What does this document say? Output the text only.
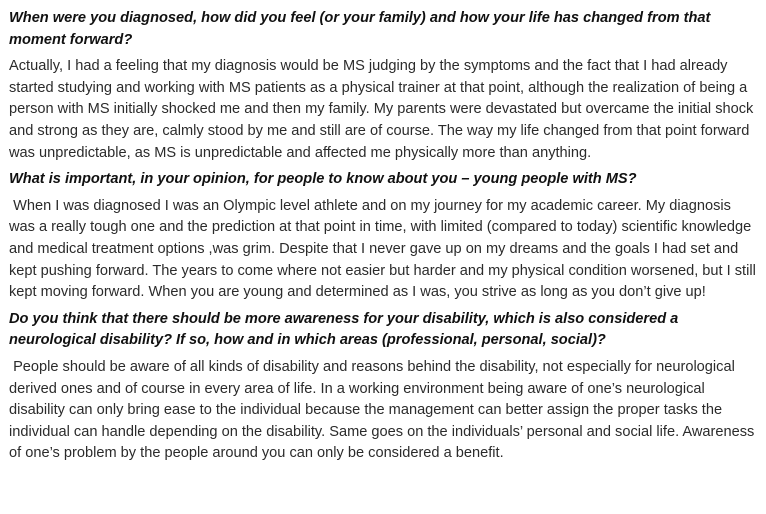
When were you diagnosed, how did you feel (or your family) and how your life has changed from that moment forward?

Actually, I had a feeling that my diagnosis would be MS judging by the symptoms and the fact that I had already started studying and working with MS patients as a physical trainer at that point, although the realization of being a person with MS initially shocked me and then my family. My parents were devastated but overcame the initial shock and strong as they are, calmly stood by me and still are of course. The way my life changed from that point forward was unpredictable, as MS is unpredictable and affected me physically more than anything.

What is important, in your opinion, for people to know about you – young people with MS?

When I was diagnosed I was an Olympic level athlete and on my journey for my academic career. My diagnosis was a really tough one and the prediction at that point in time, with limited (compared to today) scientific knowledge and medical treatment options ,was grim. Despite that I never gave up on my dreams and the goals I had set and kept pushing forward. The years to come where not easier but harder and my physical condition worsened, but I still kept moving forward. When you are young and determined as I was, you strive as long as you don’t give up!

Do you think that there should be more awareness for your disability, which is also considered a neurological disability? If so, how and in which areas (professional, personal, social)?

People should be aware of all kinds of disability and reasons behind the disability, not especially for neurological derived ones and of course in every area of life. In a working environment being aware of one’s neurological disability can only bring ease to the individual because the management can better assign the proper tasks the individual can handle depending on the disability. Same goes on the individuals’ personal and social life. Awareness of one’s problem by the people around you can only be considered a benefit.
